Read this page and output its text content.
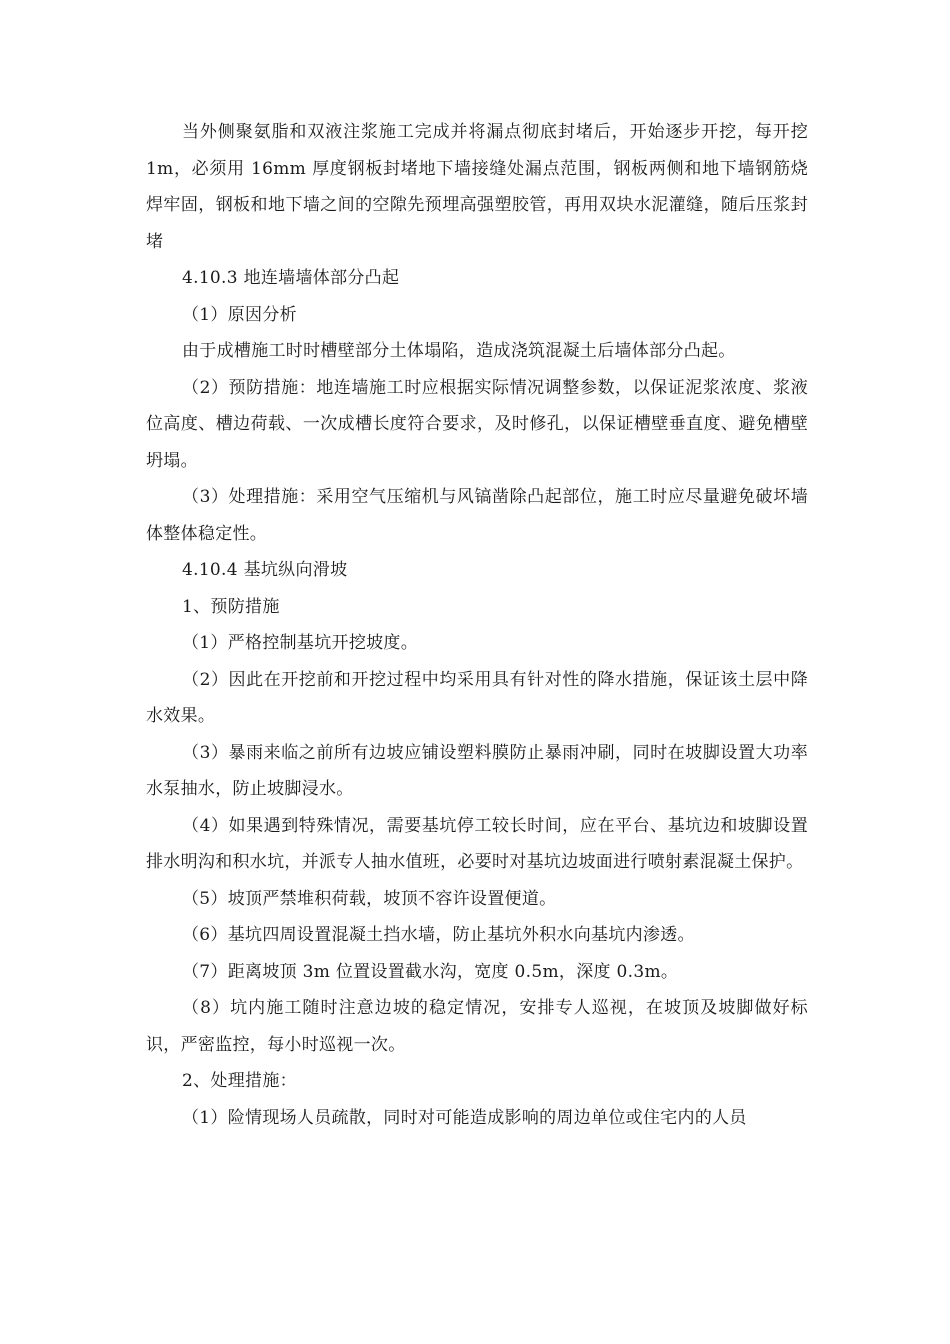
当外侧聚氨脂和双液注浆施工完成并将漏点彻底封堵后，开始逐步开挖，每开挖 1m，必须用 16mm 厚度钢板封堵地下墙接缝处漏点范围，钢板两侧和地下墙钢筋烧焊牢固，钢板和地下墙之间的空隙先预埋高强塑胶管，再用双块水泥灌缝，随后压浆封堵

4.10.3 地连墙墙体部分凸起

（1）原因分析

由于成槽施工时时槽壁部分土体塌陷，造成浇筑混凝土后墙体部分凸起。

（2）预防措施：地连墙施工时应根据实际情况调整参数，以保证泥浆浓度、浆液位高度、槽边荷载、一次成槽长度符合要求，及时修孔，以保证槽壁垂直度、避免槽壁坍塌。

（3）处理措施：采用空气压缩机与风镐凿除凸起部位，施工时应尽量避免破坏墙体整体稳定性。

4.10.4 基坑纵向滑坡

1、预防措施

（1）严格控制基坑开挖坡度。

（2）因此在开挖前和开挖过程中均采用具有针对性的降水措施，保证该土层中降水效果。

（3）暴雨来临之前所有边坡应铺设塑料膜防止暴雨冲刷，同时在坡脚设置大功率水泵抽水，防止坡脚浸水。

（4）如果遇到特殊情况，需要基坑停工较长时间，应在平台、基坑边和坡脚设置排水明沟和积水坑，并派专人抽水值班，必要时对基坑边坡面进行喷射素混凝土保护。

（5）坡顶严禁堆积荷载，坡顶不容许设置便道。

（6）基坑四周设置混凝土挡水墙，防止基坑外积水向基坑内渗透。

（7）距离坡顶 3m 位置设置截水沟，宽度 0.5m，深度 0.3m。

（8）坑内施工随时注意边坡的稳定情况，安排专人巡视，在坡顶及坡脚做好标识，严密监控，每小时巡视一次。

2、处理措施：

（1）险情现场人员疏散，同时对可能造成影响的周边单位或住宅内的人员
